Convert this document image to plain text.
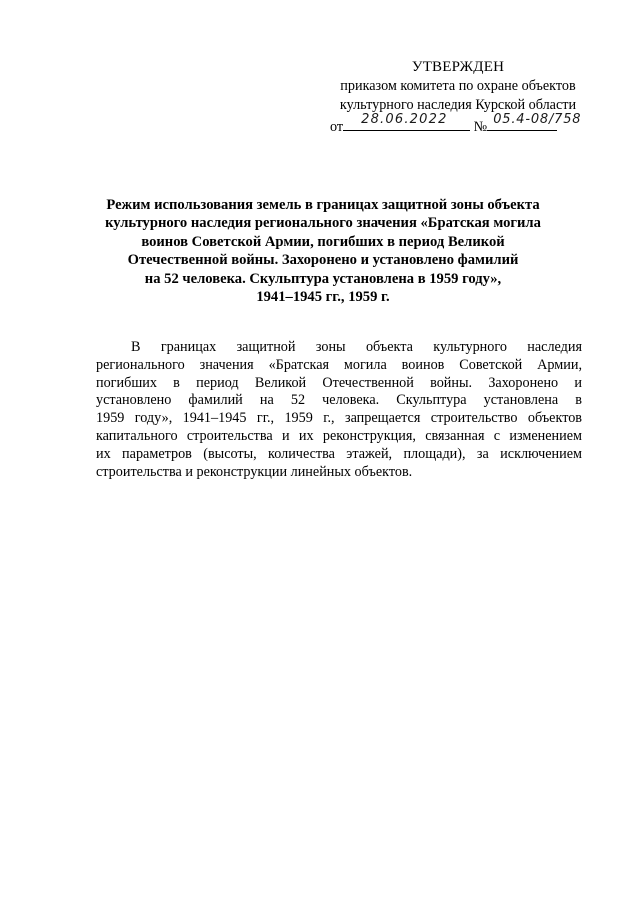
УТВЕРЖДЕН
приказом комитета по охране объектов
культурного наследия Курской области
от 28.06.2022 № 05.4-08/758
Режим использования земель в границах защитной зоны объекта
культурного наследия регионального значения «Братская могила
воинов Советской Армии, погибших в период Великой
Отечественной войны. Захоронено и установлено фамилий
на 52 человека. Скульптура установлена в 1959 году»,
1941–1945 гг., 1959 г.
В границах защитной зоны объекта культурного наследия
регионального значения «Братская могила воинов Советской Армии,
погибших в период Великой Отечественной войны. Захоронено и
установлено фамилий на 52 человека. Скульптура установлена в
1959 году», 1941–1945 гг., 1959 г., запрещается строительство объектов
капитального строительства и их реконструкция, связанная с изменением
их параметров (высоты, количества этажей, площади), за исключением
строительства и реконструкции линейных объектов.
